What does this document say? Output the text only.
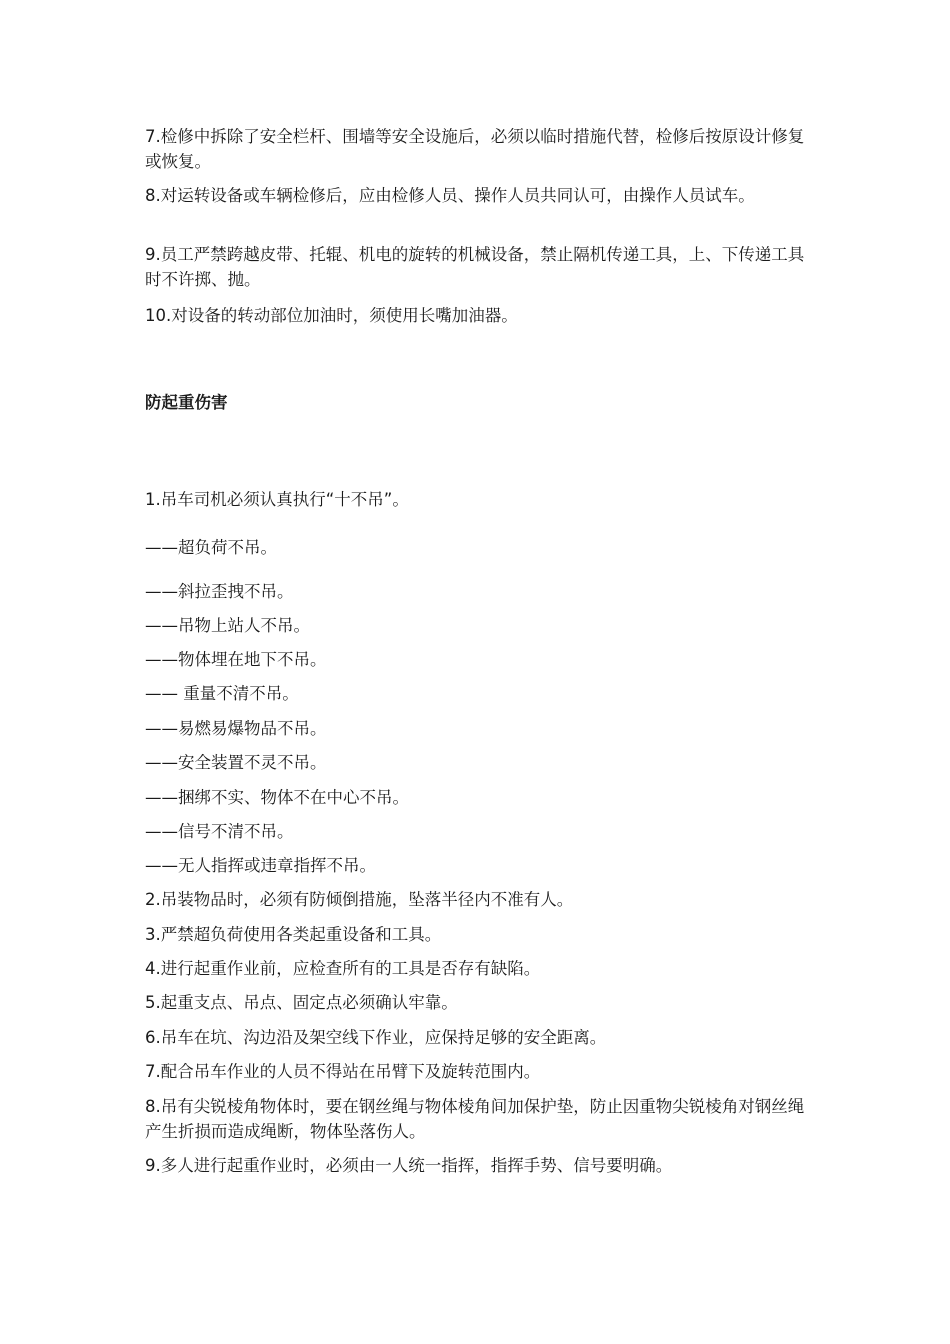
7.检修中拆除了安全栏杆、围墙等安全设施后，必须以临时措施代替，检修后按原设计修复或恢复。

8.对运转设备或车辆检修后，应由检修人员、操作人员共同认可，由操作人员试车。

9.员工严禁跨越皮带、托辊、机电的旋转的机械设备，禁止隔机传递工具，上、下传递工具时不许掷、抛。

10.对设备的转动部位加油时，须使用长嘴加油器。

防起重伤害

1.吊车司机必须认真执行“十不吊”。

——超负荷不吊。

——斜拉歪拽不吊。

——吊物上站人不吊。

——物体埋在地下不吊。

—— 重量不清不吊。

——易燃易爆物品不吊。

——安全装置不灵不吊。

——捆绑不实、物体不在中心不吊。

——信号不清不吊。

——无人指挥或违章指挥不吊。

2.吊装物品时，必须有防倾倒措施，坠落半径内不准有人。

3.严禁超负荷使用各类起重设备和工具。

4.进行起重作业前，应检查所有的工具是否存有缺陷。

5.起重支点、吊点、固定点必须确认牢靠。

6.吊车在坑、沟边沿及架空线下作业，应保持足够的安全距离。

7.配合吊车作业的人员不得站在吊臂下及旋转范围内。

8.吊有尖锐棱角物体时，要在钢丝绳与物体棱角间加保护垫，防止因重物尖锐棱角对钢丝绳产生折损而造成绳断，物体坠落伤人。

9.多人进行起重作业时，必须由一人统一指挥，指挥手势、信号要明确。
